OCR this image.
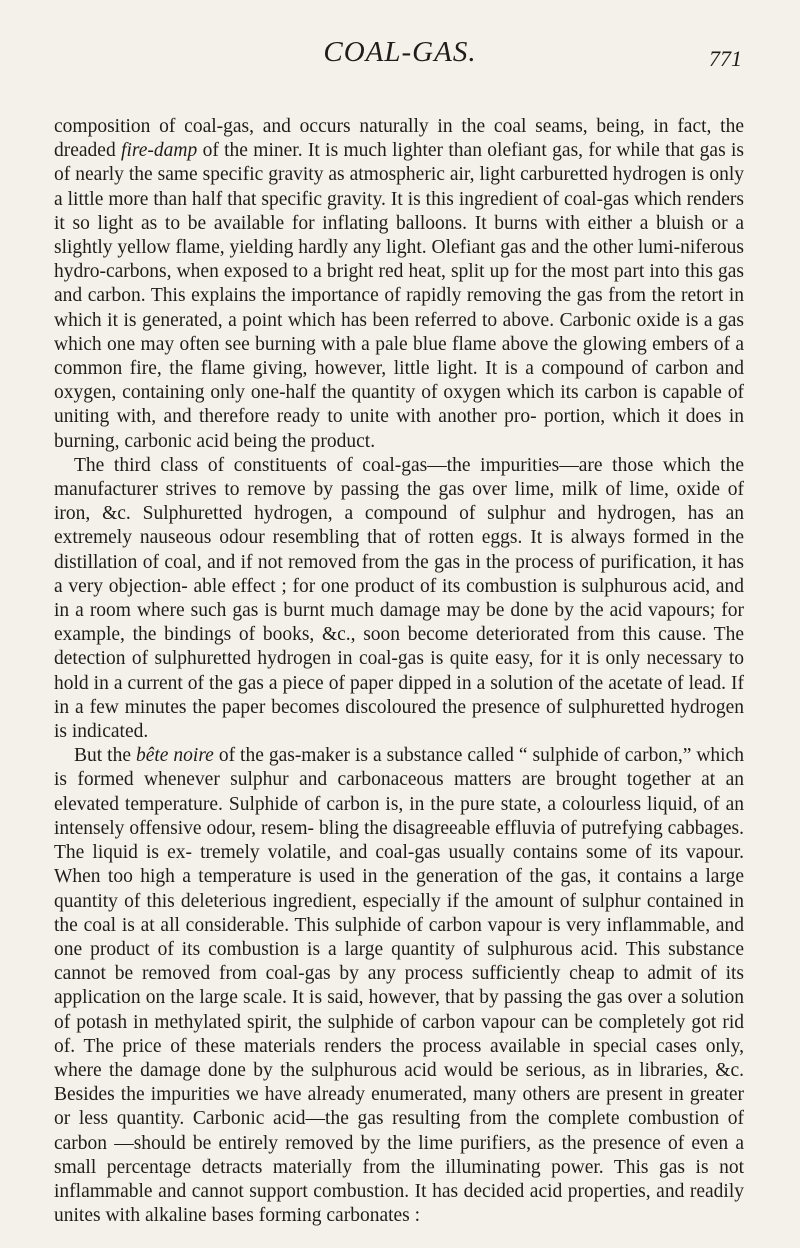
COAL-GAS.	771

composition of coal-gas, and occurs naturally in the coal seams, being, in fact, the dreaded fire-damp of the miner. It is much lighter than olefiant gas, for while that gas is of nearly the same specific gravity as atmospheric air, light carburetted hydrogen is only a little more than half that specific gravity. It is this ingredient of coal-gas which renders it so light as to be available for inflating balloons. It burns with either a bluish or a slightly yellow flame, yielding hardly any light. Olefiant gas and the other lumi-niferous hydro-carbons, when exposed to a bright red heat, split up for the most part into this gas and carbon. This explains the importance of rapidly removing the gas from the retort in which it is generated, a point which has been referred to above. Carbonic oxide is a gas which one may often see burning with a pale blue flame above the glowing embers of a common fire, the flame giving, however, little light. It is a compound of carbon and oxygen, containing only one-half the quantity of oxygen which its carbon is capable of uniting with, and therefore ready to unite with another pro- portion, which it does in burning, carbonic acid being the product.

The third class of constituents of coal-gas—the impurities—are those which the manufacturer strives to remove by passing the gas over lime, milk of lime, oxide of iron, &c. Sulphuretted hydrogen, a compound of sulphur and hydrogen, has an extremely nauseous odour resembling that of rotten eggs. It is always formed in the distillation of coal, and if not removed from the gas in the process of purification, it has a very objection- able effect ; for one product of its combustion is sulphurous acid, and in a room where such gas is burnt much damage may be done by the acid vapours; for example, the bindings of books, &c., soon become deteriorated from this cause. The detection of sulphuretted hydrogen in coal-gas is quite easy, for it is only necessary to hold in a current of the gas a piece of paper dipped in a solution of the acetate of lead. If in a few minutes the paper becomes discoloured the presence of sulphuretted hydrogen is indicated.

But the bête noire of the gas-maker is a substance called “ sulphide of carbon,” which is formed whenever sulphur and carbonaceous matters are brought together at an elevated temperature. Sulphide of carbon is, in the pure state, a colourless liquid, of an intensely offensive odour, resem- bling the disagreeable effluvia of putrefying cabbages. The liquid is ex- tremely volatile, and coal-gas usually contains some of its vapour. When too high a temperature is used in the generation of the gas, it contains a large quantity of this deleterious ingredient, especially if the amount of sulphur contained in the coal is at all considerable. This sulphide of carbon vapour is very inflammable, and one product of its combustion is a large quantity of sulphurous acid. This substance cannot be removed from coal-gas by any process sufficiently cheap to admit of its application on the large scale. It is said, however, that by passing the gas over a solution of potash in methylated spirit, the sulphide of carbon vapour can be completely got rid of. The price of these materials renders the process available in special cases only, where the damage done by the sulphurous acid would be serious, as in libraries, &c. Besides the impurities we have already enumerated, many others are present in greater or less quantity. Carbonic acid—the gas resulting from the complete combustion of carbon —should be entirely removed by the lime purifiers, as the presence of even a small percentage detracts materially from the illuminating power. This gas is not inflammable and cannot support combustion. It has decided acid properties, and readily unites with alkaline bases forming carbonates :
